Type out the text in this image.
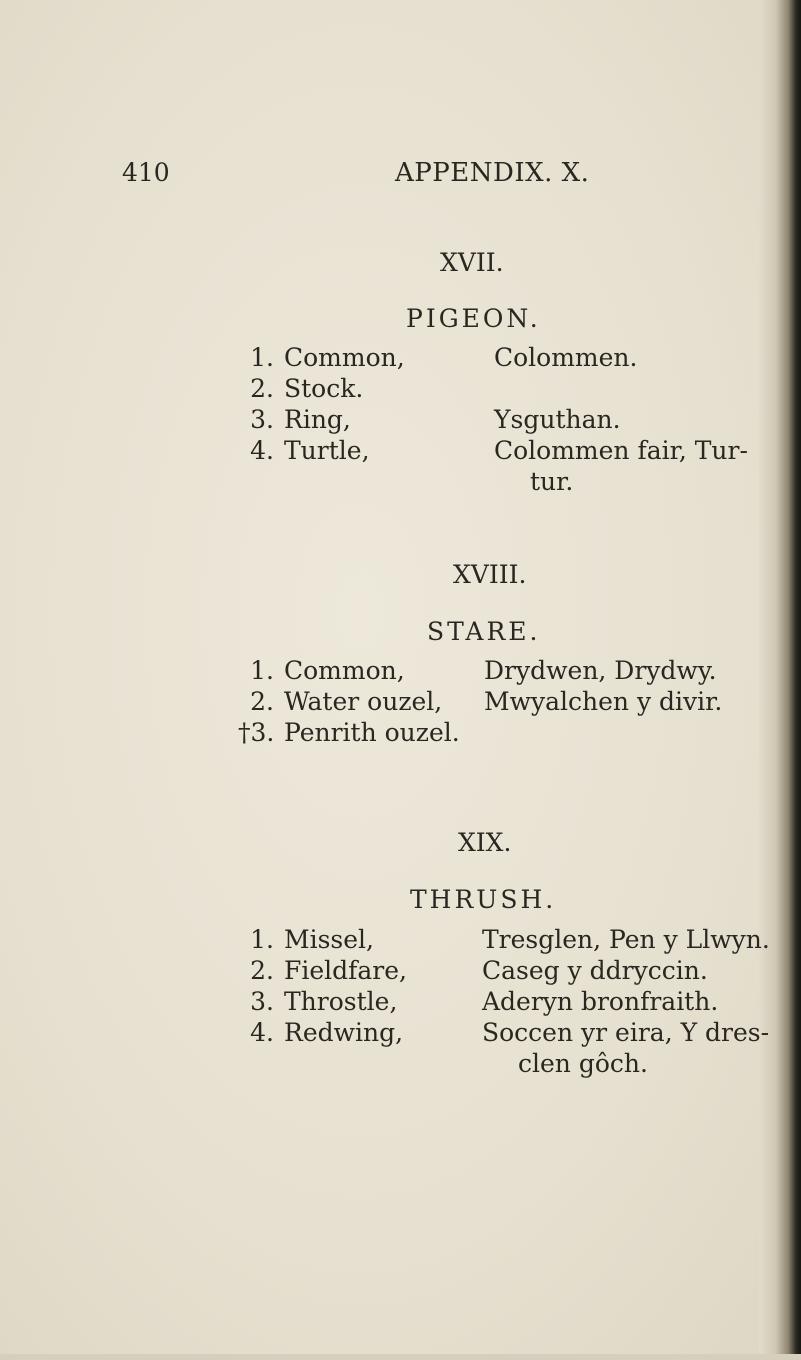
410	APPENDIX. X.
XVII.
PIGEON.
1. Common,
2. Stock.
3. Ring,
4. Turtle,
Colommen.
Ysguthan.
Colommen fair, Tur-
tur.
XVIII.
STARE.
1. Common,
2. Water ouzel,
†3. Penrith ouzel.
Drydwen, Drydwy.
Mwyalchen y divir.
XIX.
THRUSH.
1. Missel,
2. Fieldfare,
3. Throstle,
4. Redwing,
Tresglen, Pen y Llwyn.
Caseg y ddryccin.
Aderyn bronfraith.
Soccen yr eira, Y dres-
clen gôch.
